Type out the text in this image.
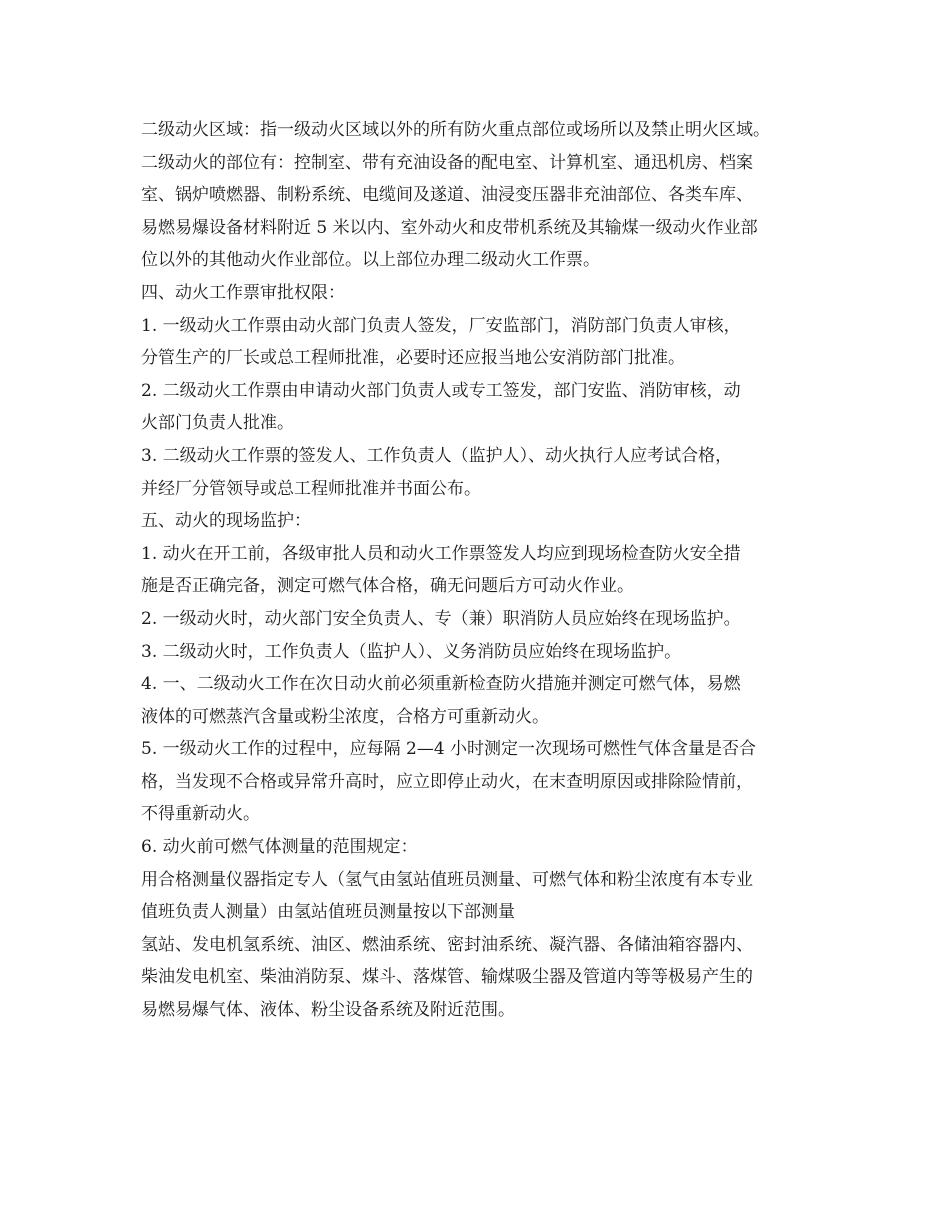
二级动火区域：指一级动火区域以外的所有防火重点部位或场所以及禁止明火区域。
二级动火的部位有：控制室、带有充油设备的配电室、计算机室、通迅机房、档案
室、锅炉喷燃器、制粉系统、电缆间及遂道、油浸变压器非充油部位、各类车库、
易燃易爆设备材料附近 5 米以内、室外动火和皮带机系统及其输煤一级动火作业部
位以外的其他动火作业部位。以上部位办理二级动火工作票。
四、动火工作票审批权限：
1. 一级动火工作票由动火部门负责人签发，厂安监部门，消防部门负责人审核，
分管生产的厂长或总工程师批准，必要时还应报当地公安消防部门批准。
2. 二级动火工作票由申请动火部门负责人或专工签发，部门安监、消防审核，动
火部门负责人批准。
3. 二级动火工作票的签发人、工作负责人（监护人）、动火执行人应考试合格，
并经厂分管领导或总工程师批准并书面公布。
五、动火的现场监护：
1. 动火在开工前，各级审批人员和动火工作票签发人均应到现场检查防火安全措
施是否正确完备，测定可燃气体合格，确无问题后方可动火作业。
2. 一级动火时，动火部门安全负责人、专（兼）职消防人员应始终在现场监护。
3. 二级动火时，工作负责人（监护人）、义务消防员应始终在现场监护。
4. 一、二级动火工作在次日动火前必须重新检查防火措施并测定可燃气体，易燃
液体的可燃蒸汽含量或粉尘浓度，合格方可重新动火。
5. 一级动火工作的过程中，应每隔 2—4 小时测定一次现场可燃性气体含量是否合
格，当发现不合格或异常升高时，应立即停止动火，在末查明原因或排除险情前，
不得重新动火。
6. 动火前可燃气体测量的范围规定：
用合格测量仪器指定专人（氢气由氢站值班员测量、可燃气体和粉尘浓度有本专业
值班负责人测量）由氢站值班员测量按以下部测量
氢站、发电机氢系统、油区、燃油系统、密封油系统、凝汽器、各储油箱容器内、
柴油发电机室、柴油消防泵、煤斗、落煤管、输煤吸尘器及管道内等等极易产生的
易燃易爆气体、液体、粉尘设备系统及附近范围。
